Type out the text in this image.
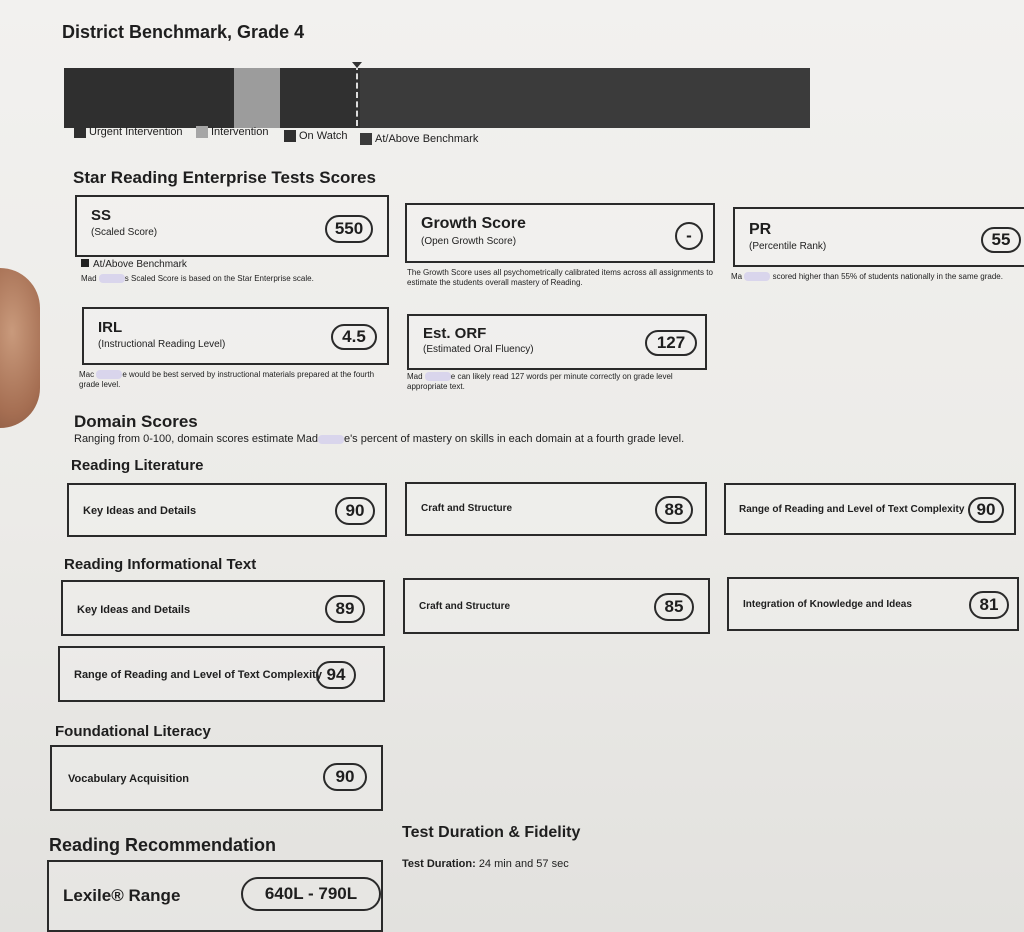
District Benchmark, Grade 4
Urgent Intervention	Intervention	On Watch	At/Above Benchmark
Star Reading Enterprise Tests Scores
SS
(Scaled Score)	550
At/Above Benchmark
Mad	s Scaled Score is based on the Star Enterprise scale.
Growth Score
(Open Growth Score)	-
The Growth Score uses all psychometrically calibrated items across all assignments to estimate the students overall mastery of Reading.
PR
(Percentile Rank)	55
Ma	scored higher than 55% of students nationally in the same grade.
IRL
(Instructional Reading Level)	4.5
Mac	e would be best served by instructional materials prepared at the fourth grade level.
Est. ORF
(Estimated Oral Fluency)	127
Mad	e can likely read 127 words per minute correctly on grade level appropriate text.
Domain Scores
Ranging from 0-100, domain scores estimate Mad e's percent of mastery on skills in each domain at a fourth grade level.
Reading Literature
Key Ideas and Details	90	Craft and Structure	88	Range of Reading and Level of Text Complexity 90
Reading Informational Text
Key Ideas and Details	89	Craft and Structure	85	Integration of Knowledge and Ideas	81
Range of Reading and Level of Text Complexity 94
Foundational Literacy
Vocabulary Acquisition	90
Reading Recommendation
Lexile® Range	640L - 790L
Test Duration & Fidelity
Test Duration: 24 min and 57 sec
